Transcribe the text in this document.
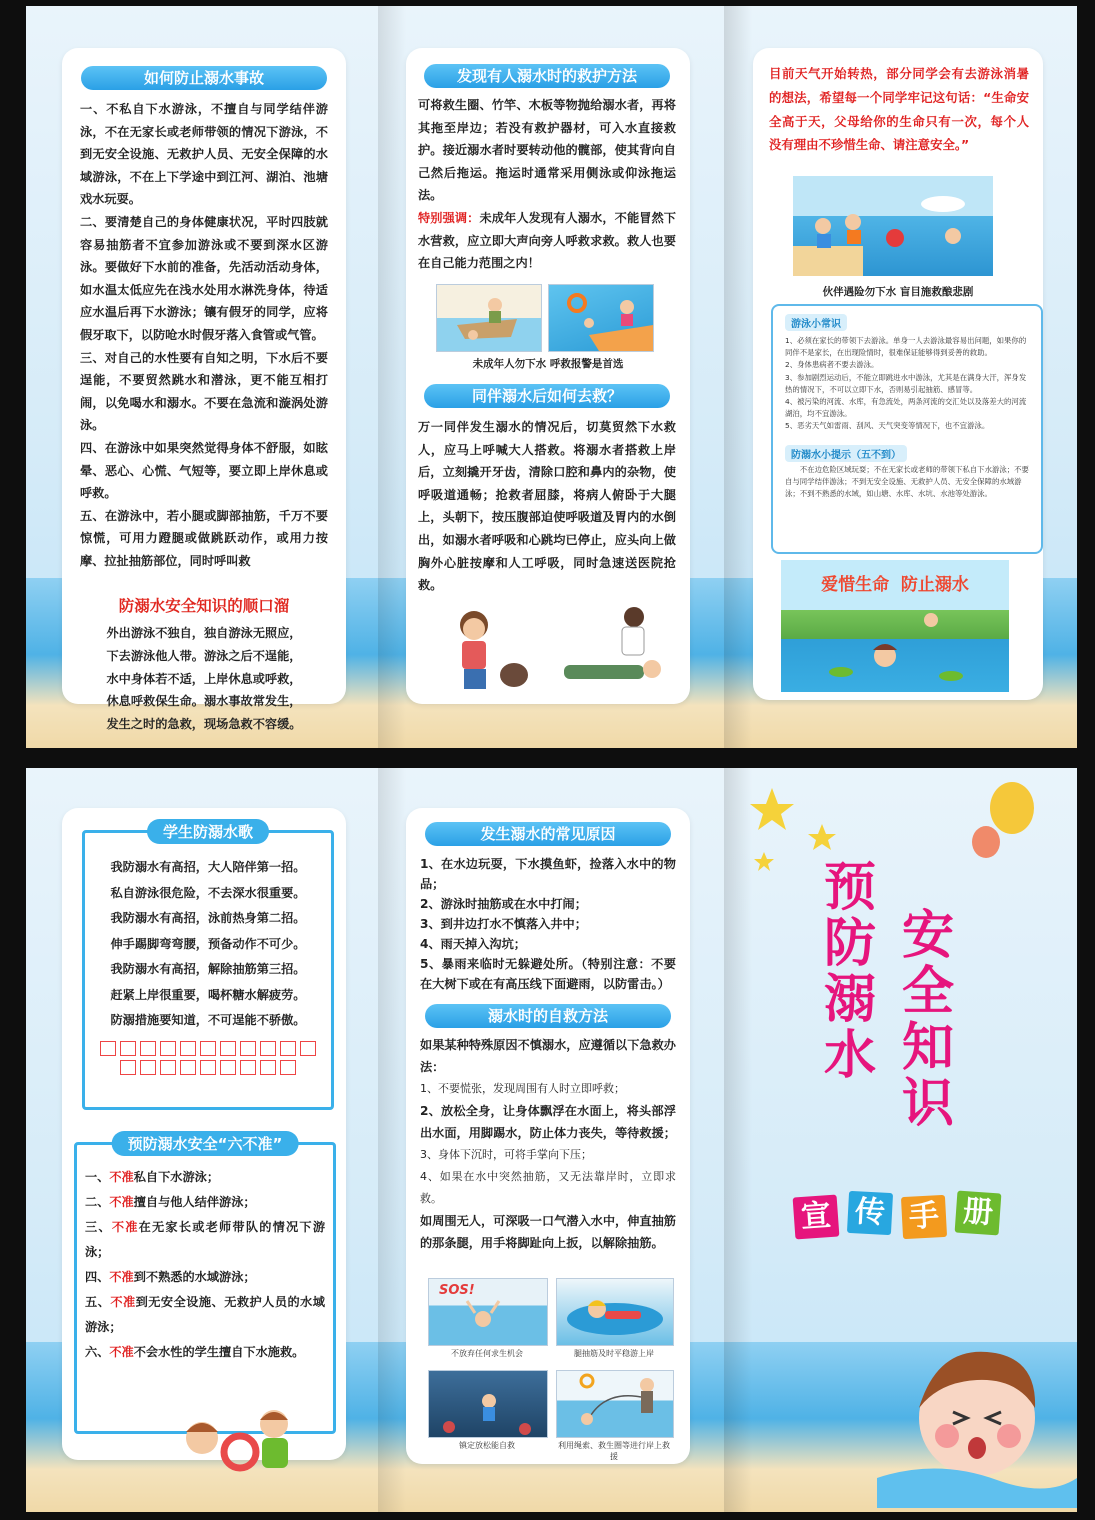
如何防止溺水事故

一、不私自下水游泳，不擅自与同学结伴游泳，不在无家长或老师带领的情况下游泳，不到无安全设施、无救护人员、无安全保障的水域游泳，不在上下学途中到江河、湖泊、池塘戏水玩耍。

二、要清楚自己的身体健康状况，平时四肢就容易抽筋者不宜参加游泳或不要到深水区游泳。要做好下水前的准备，先活动活动身体，如水温太低应先在浅水处用水淋洗身体，待适应水温后再下水游泳；镶有假牙的同学，应将假牙取下，以防呛水时假牙落入食管或气管。

三、对自己的水性要有自知之明，下水后不要逞能，不要贸然跳水和潜泳，更不能互相打闹，以免喝水和溺水。不要在急流和漩涡处游泳。

四、在游泳中如果突然觉得身体不舒服，如眩晕、恶心、心慌、气短等，要立即上岸休息或呼救。

五、在游泳中，若小腿或脚部抽筋，千万不要惊慌，可用力蹬腿或做跳跃动作，或用力按摩、拉扯抽筋部位，同时呼叫救

防溺水安全知识的顺口溜

外出游泳不独自，独自游泳无照应，

下去游泳他人带。游泳之后不逞能，

水中身体若不适，上岸休息或呼救，

休息呼救保生命。溺水事故常发生，

发生之时的急救，现场急救不容缓。

发现有人溺水时的救护方法

可将救生圈、竹竿、木板等物抛给溺水者，再将其拖至岸边；若没有救护器材，可入水直接救护。接近溺水者时要转动他的髋部，使其背向自己然后拖运。拖运时通常采用侧泳或仰泳拖运法。

特别强调：未成年人发现有人溺水，不能冒然下水营救，应立即大声向旁人呼救求救。救人也要在自己能力范围之内！

未成年人勿下水 呼救报警是首选
同伴溺水后如何去救？

万一同伴发生溺水的情况后，切莫贸然下水救人，应马上呼喊大人搭救。将溺水者搭救上岸后，立刻撬开牙齿，清除口腔和鼻内的杂物，使呼吸道通畅；抢救者屈膝，将病人俯卧于大腿上，头朝下，按压腹部迫使呼吸道及胃内的水倒出，如溺水者呼吸和心跳均已停止，应头向上做胸外心脏按摩和人工呼吸，同时急速送医院抢救。

目前天气开始转热，部分同学会有去游泳消暑的想法，希望每一个同学牢记这句话：“生命安全高于天，父母给你的生命只有一次，每个人没有理由不珍惜生命、请注意安全。”

伙伴遇险勿下水 盲目施救酿悲剧
游泳小常识

1、必须在家长的带领下去游泳。单身一人去游泳最容易出问题，如果你的同伴不是家长，在出现险情时，很难保证能够得到妥善的救助。

2、身体患病者不要去游泳。

3、参加剧烈运动后，不能立即跳进水中游泳，尤其是在满身大汗，浑身发热的情况下，不可以立即下水，否则易引起抽筋、感冒等。

4、被污染的河流、水库，有急流处，两条河流的交汇处以及落差大的河流湖泊，均不宜游泳。

5、恶劣天气如雷雨、刮风、天气突变等情况下，也不宜游泳。

防溺水小提示（五不到）

不在边危险区域玩耍；不在无家长或老师的带领下私自下水游泳；不要自与同学结伴游泳；不到无安全设施、无救护人员、无安全保障的水域游泳；不到不熟悉的水域，如山塘、水库、水坑、水池等处游泳。

爱惜生命  防止溺水
学生防溺水歌

我防溺水有高招，大人陪伴第一招。

私自游泳很危险，不去深水很重要。

我防溺水有高招，泳前热身第二招。

伸手踢脚弯弯腰，预备动作不可少。

我防溺水有高招，解除抽筋第三招。

赶紧上岸很重要，喝杯糖水解疲劳。

防溺措施要知道，不可逞能不骄傲。

预防溺水安全“六不准”

一、不准私自下水游泳；

二、不准擅自与他人结伴游泳；

三、不准在无家长或老师带队的情况下游泳；

四、不准到不熟悉的水域游泳；

五、不准到无安全设施、无救护人员的水域游泳；

六、不准不会水性的学生擅自下水施救。

发生溺水的常见原因

1、在水边玩耍，下水摸鱼虾，捡落入水中的物品；

2、游泳时抽筋或在水中打闹；

3、到井边打水不慎落入井中；

4、雨天掉入沟坑；

5、暴雨来临时无躲避处所。（特别注意：不要在大树下或在有高压线下面避雨，以防雷击。）

溺水时的自救方法

如果某种特殊原因不慎溺水，应遵循以下急救办法：

1、不要慌张，发现周围有人时立即呼救；

2、放松全身，让身体飘浮在水面上，将头部浮出水面，用脚踢水，防止体力丧失，等待救援；

3、身体下沉时，可将手掌向下压；

4、如果在水中突然抽筋，又无法靠岸时，立即求救。

如周围无人，可深吸一口气潜入水中，伸直抽筋的那条腿，用手将脚趾向上扳，以解除抽筋。

SOS!
不放弃任何求生机会	腿抽筋及时平稳游上岸
镇定放松能自救	利用绳索、救生圈等进行岸上救援
预
防
溺
水
安
全
知
识
宣 传 手 册
